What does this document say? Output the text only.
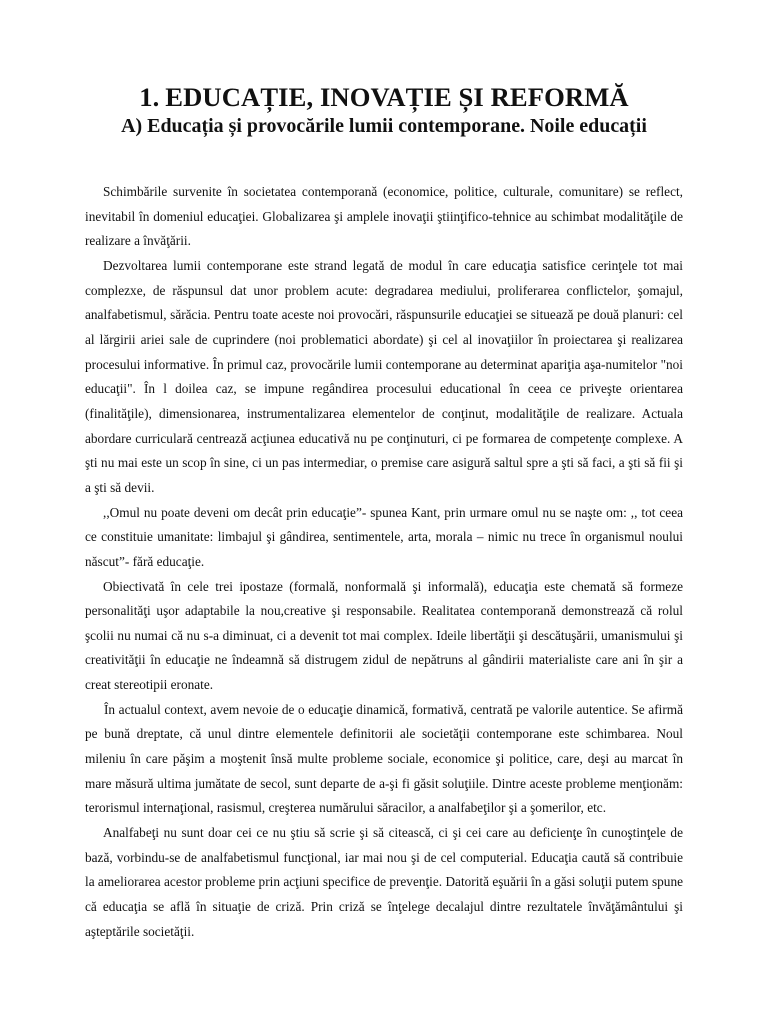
1. EDUCAȚIE, INOVAȚIE ȘI REFORMĂ
A) Educația și provocările lumii contemporane. Noile educații

Schimbările survenite în societatea contemporană (economice, politice, culturale, comunitare) se reflect, inevitabil în domeniul educaţiei. Globalizarea şi amplele inovaţii ştiinţifico-tehnice au schimbat modalităţile de realizare a învăţării.

Dezvoltarea lumii contemporane este strand legată de modul în care educaţia satisfice cerinţele tot mai complezxe, de răspunsul dat unor problem acute: degradarea mediului, proliferarea conflictelor, şomajul, analfabetismul, sărăcia. Pentru toate aceste noi provocări, răspunsurile educaţiei se situează pe două planuri: cel al lărgirii ariei sale de cuprindere (noi problematici abordate) şi cel al inovaţiilor în proiectarea şi realizarea procesului informative. În primul caz, provocările lumii contemporane au determinat apariţia aşa-numitelor "noi educaţii". În l doilea caz, se impune regândirea procesului educational în ceea ce priveşte orientarea (finalităţile), dimensionarea, instrumentalizarea elementelor de conţinut, modalităţile de realizare. Actuala abordare curriculară centrează acţiunea educativă nu pe conţinuturi, ci pe formarea de competenţe complexe. A şti nu mai este un scop în sine, ci un pas intermediar, o premise care asigură saltul spre a şti să faci, a şti să fii şi a şti să devii.

,,Omul nu poate deveni om decât prin educaţie”- spunea Kant, prin urmare omul nu se naşte om: ,, tot ceea ce constituie umanitate: limbajul şi gândirea, sentimentele, arta, morala – nimic nu trece în organismul noului născut”- fără educaţie.

Obiectivată în cele trei ipostaze (formală, nonformală şi informală), educaţia este chemată să formeze personalităţi uşor adaptabile la nou,creative şi responsabile. Realitatea contemporană demonstrează că rolul şcolii nu numai că nu s-a diminuat, ci a devenit tot mai complex. Ideile libertăţii şi descătuşării, umanismului şi creativităţii în educaţie ne îndeamnă să distrugem zidul de nepătruns al gândirii materialiste care ani în şir a creat stereotipii eronate.

În actualul context, avem nevoie de o educaţie dinamică, formativă, centrată pe valorile autentice. Se afirmă pe bună dreptate, că unul dintre elementele definitorii ale societăţii contemporane este schimbarea. Noul mileniu în care păşim a moştenit însă multe probleme sociale, economice şi politice, care, deşi au marcat în mare măsură ultima jumătate de secol, sunt departe de a-şi fi găsit soluţiile. Dintre aceste probleme menţionăm: terorismul internaţional, rasismul, creşterea numărului săracilor, a analfabeţilor şi a şomerilor, etc.

Analfabeţi nu sunt doar cei ce nu ştiu să scrie şi să citească, ci şi cei care au deficienţe în cunoştinţele de bază, vorbindu-se de analfabetismul funcţional, iar mai nou şi de cel computerial. Educaţia caută să contribuie la ameliorarea acestor probleme prin acţiuni specifice de prevenţie. Datorită eşuării în a găsi soluţii putem spune că educaţia se află în situaţie de criză. Prin criză se înţelege decalajul dintre rezultatele învăţământului şi aşteptările societăţii.
